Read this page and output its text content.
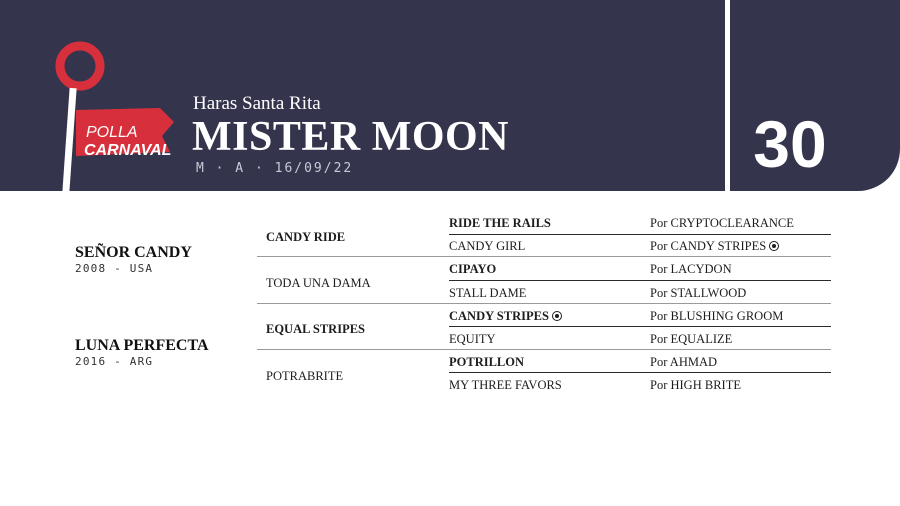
POLLA
CARNAVAL

Haras Santa Rita

MISTER MOON
M · A · 16/09/22	30
SEÑOR CANDY
2008 - USA
LUNA PERFECTA
2016 - ARG
CANDY RIDE
TODA UNA DAMA
EQUAL STRIPES
POTRABRITE
RIDE THE RAILS
CANDY GIRL
CIPAYO
STALL DAME
CANDY STRIPES
EQUITY
POTRILLON
MY THREE FAVORS
Por CRYPTOCLEARANCE
Por CANDY STRIPES
Por LACYDON
Por STALLWOOD
Por BLUSHING GROOM
Por EQUALIZE
Por AHMAD
Por HIGH BRITE
